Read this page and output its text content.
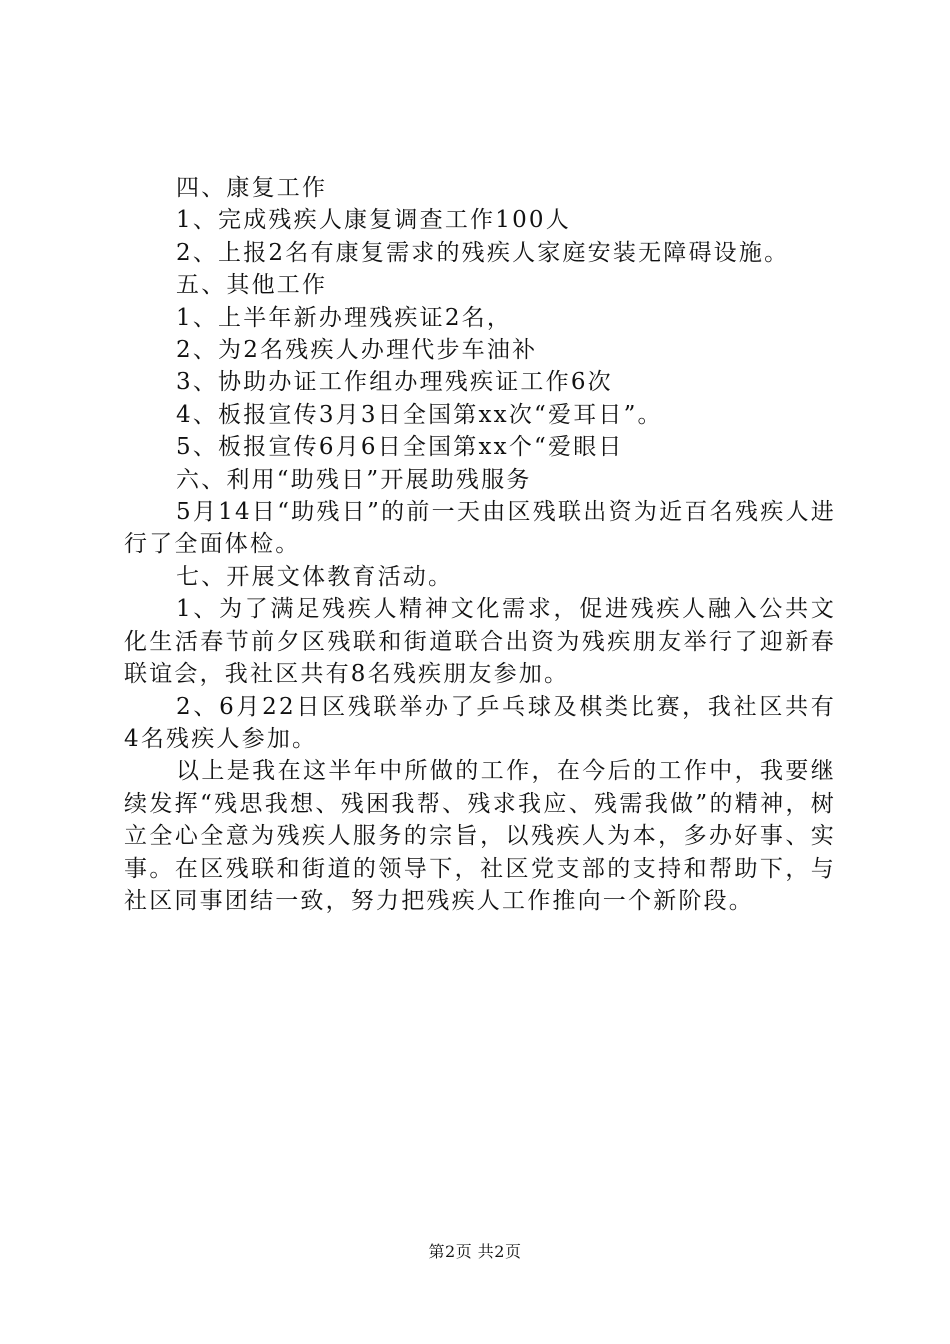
四、康复工作

1、完成残疾人康复调查工作100人

2、上报2名有康复需求的残疾人家庭安装无障碍设施。

五、其他工作

1、上半年新办理残疾证2名，

2、为2名残疾人办理代步车油补

3、协助办证工作组办理残疾证工作6次

4、板报宣传3月3日全国第xx次“爱耳日”。

5、板报宣传6月6日全国第xx个“爱眼日

六、利用“助残日”开展助残服务

5月14日“助残日”的前一天由区残联出资为近百名残疾人进行了全面体检。

七、开展文体教育活动。

1、为了满足残疾人精神文化需求，促进残疾人融入公共文化生活春节前夕区残联和街道联合出资为残疾朋友举行了迎新春联谊会，我社区共有8名残疾朋友参加。

2、6月22日区残联举办了乒乓球及棋类比赛，我社区共有4名残疾人参加。

以上是我在这半年中所做的工作，在今后的工作中，我要继续发挥“残思我想、残困我帮、残求我应、残需我做”的精神，树立全心全意为残疾人服务的宗旨，以残疾人为本，多办好事、实事。在区残联和街道的领导下，社区党支部的支持和帮助下，与社区同事团结一致，努力把残疾人工作推向一个新阶段。

第2页 共2页
